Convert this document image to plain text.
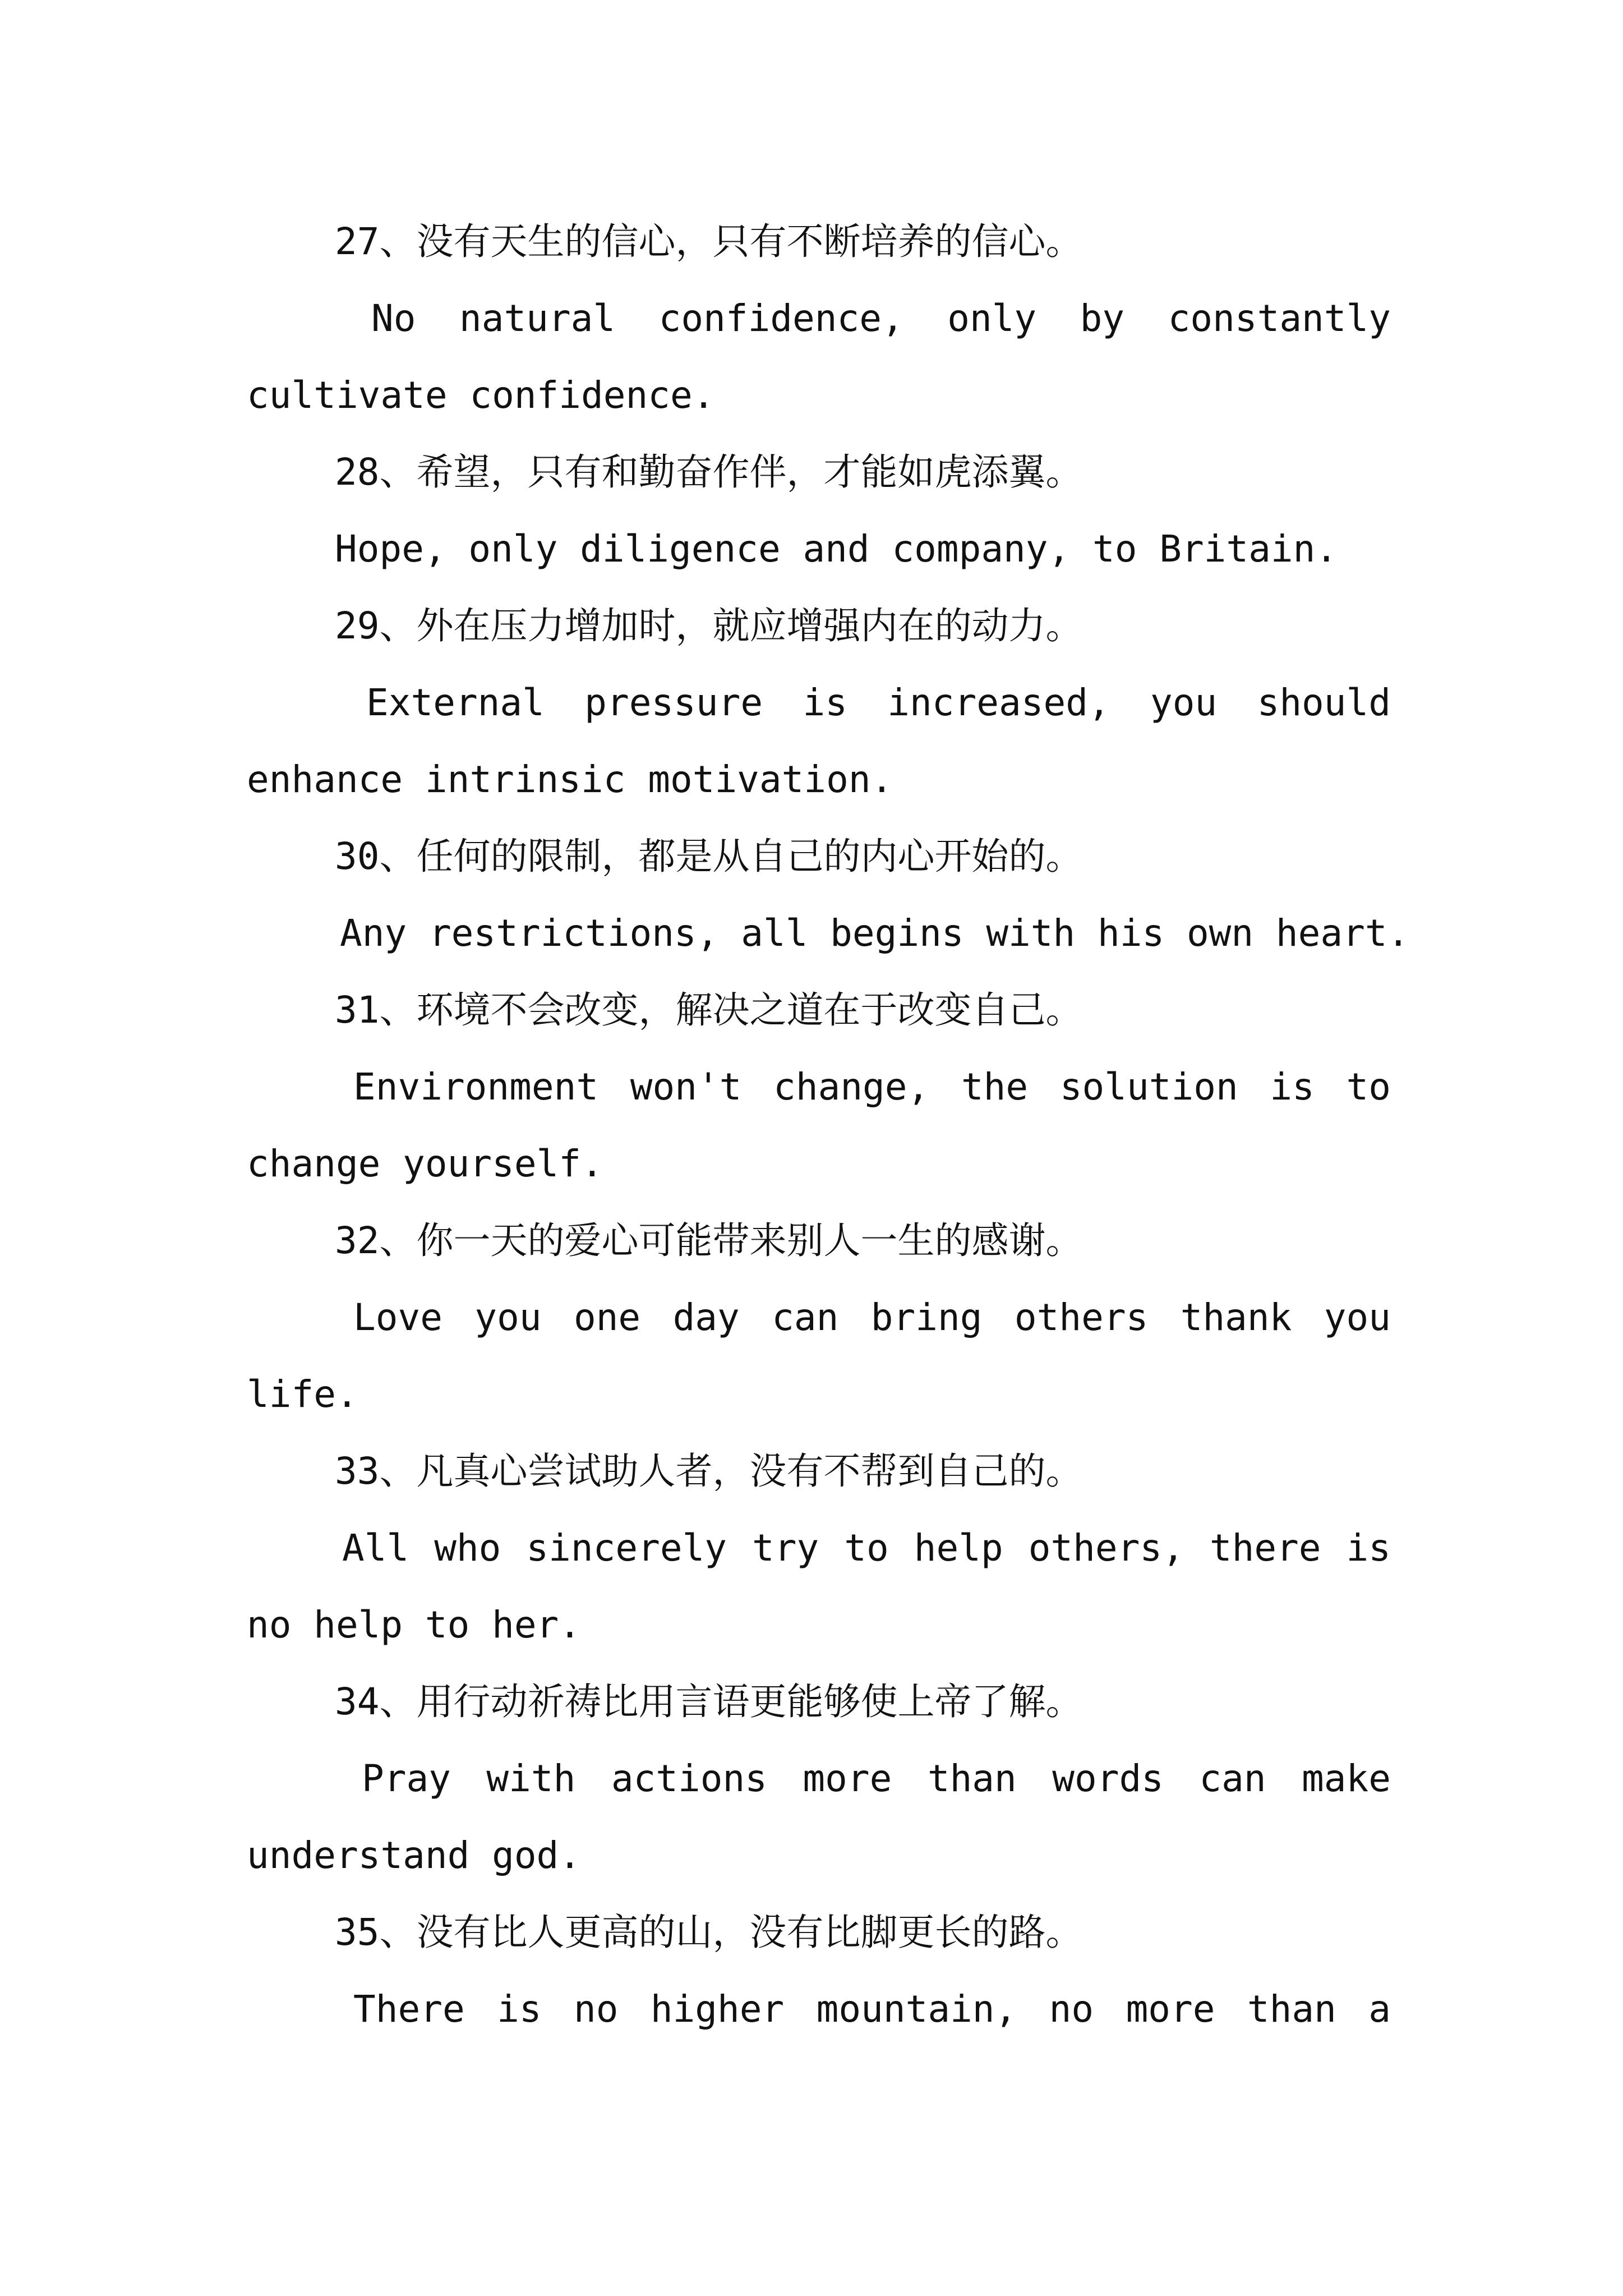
27、没有天生的信心，只有不断培养的信心。

No natural confidence, only by constantly cultivate confidence.

28、希望，只有和勤奋作伴，才能如虎添翼。

Hope, only diligence and company, to Britain.

29、外在压力增加时，就应增强内在的动力。

External pressure is increased, you should enhance intrinsic motivation.

30、任何的限制，都是从自己的内心开始的。

Any restrictions, all begins with his own heart.

31、环境不会改变，解决之道在于改变自己。

Environment won't change, the solution is to change yourself.

32、你一天的爱心可能带来别人一生的感谢。

Love you one day can bring others thank you life.

33、凡真心尝试助人者，没有不帮到自己的。

All who sincerely try to help others, there is no help to her.

34、用行动祈祷比用言语更能够使上帝了解。

Pray with actions more than words can make understand god.

35、没有比人更高的山，没有比脚更长的路。

There is no higher mountain, no more than a
